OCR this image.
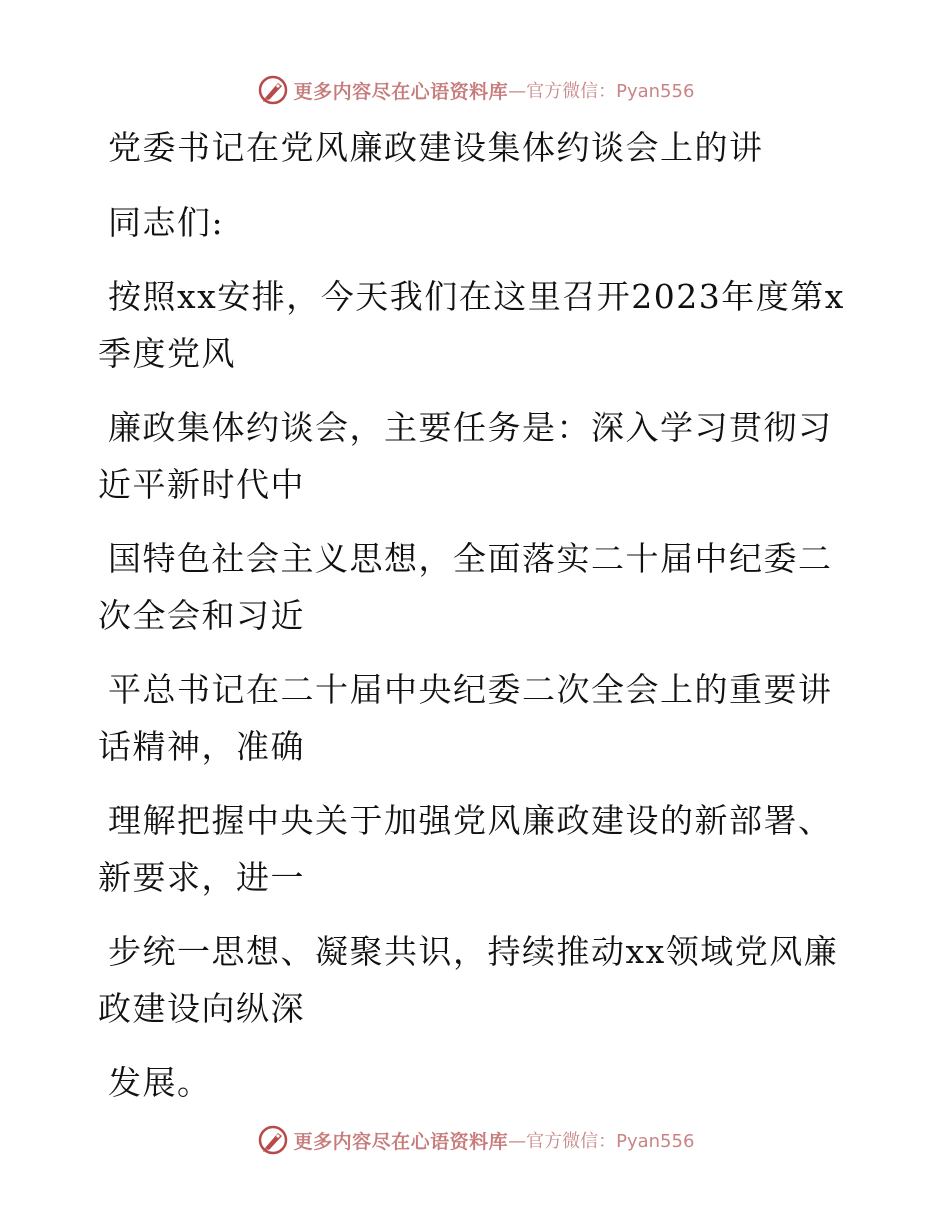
更多内容尽在心语资料库 —官方微信：Pyan556
党委书记在党风廉政建设集体约谈会上的讲
同志们:
按照xx安排，今天我们在这里召开2023年度第x
季度党风
廉政集体约谈会，主要任务是：深入学习贯彻习
近平新时代中
国特色社会主义思想，全面落实二十届中纪委二
次全会和习近
平总书记在二十届中央纪委二次全会上的重要讲
话精神，准确
理解把握中央关于加强党风廉政建设的新部署、
新要求，进一
步统一思想、凝聚共识，持续推动xx领域党风廉
政建设向纵深
发展。
更多内容尽在心语资料库 —官方微信：Pyan556
